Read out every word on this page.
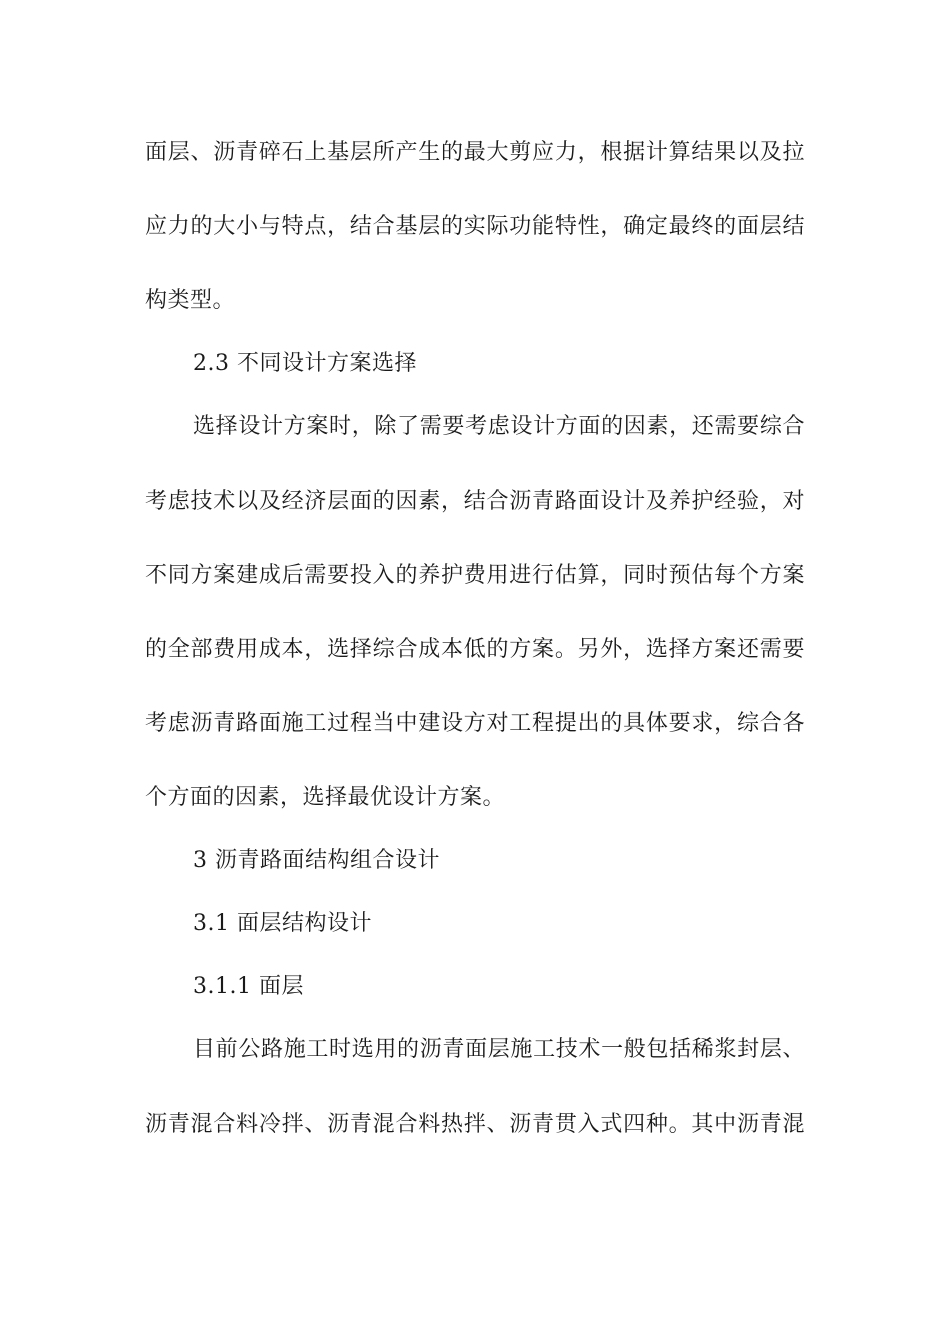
面层、沥青碎石上基层所产生的最大剪应力，根据计算结果以及拉
应力的大小与特点，结合基层的实际功能特性，确定最终的面层结
构类型。
2.3 不同设计方案选择
选择设计方案时，除了需要考虑设计方面的因素，还需要综合
考虑技术以及经济层面的因素，结合沥青路面设计及养护经验，对
不同方案建成后需要投入的养护费用进行估算，同时预估每个方案
的全部费用成本，选择综合成本低的方案。另外，选择方案还需要
考虑沥青路面施工过程当中建设方对工程提出的具体要求，综合各
个方面的因素，选择最优设计方案。
3 沥青路面结构组合设计
3.1 面层结构设计
3.1.1 面层
目前公路施工时选用的沥青面层施工技术一般包括稀浆封层、
沥青混合料冷拌、沥青混合料热拌、沥青贯入式四种。其中沥青混
